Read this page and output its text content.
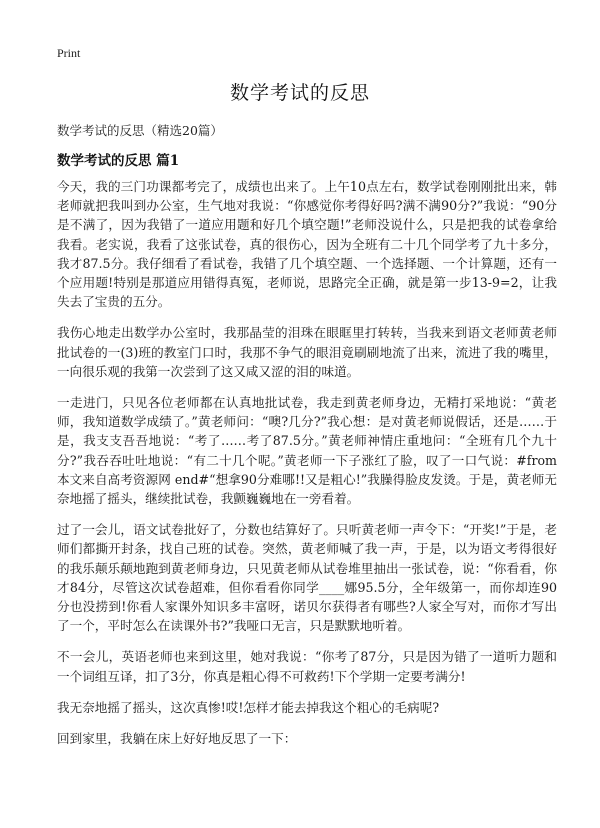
Print
数学考试的反思
数学考试的反思（精选20篇）
数学考试的反思 篇1

今天，我的三门功课都考完了，成绩也出来了。上午10点左右，数学试卷刚刚批出来，韩老师就把我叫到办公室，生气地对我说：“你感觉你考得好吗?满不满90分?”我说：“90分是不满了，因为我错了一道应用题和好几个填空题!”老师没说什么，只是把我的试卷拿给我看。老实说，我看了这张试卷，真的很伤心，因为全班有二十几个同学考了九十多分，我才87.5分。我仔细看了看试卷，我错了几个填空题、一个选择题、一个计算题，还有一个应用题!特别是那道应用错得真冤，老师说，思路完全正确，就是第一步13-9=2，让我失去了宝贵的五分。

我伤心地走出数学办公室时，我那晶莹的泪珠在眼眶里打转转，当我来到语文老师黄老师批试卷的一(3)班的教室门口时，我那不争气的眼泪竟刷刷地流了出来，流进了我的嘴里，一向很乐观的我第一次尝到了这又咸又涩的泪的味道。

一走进门，只见各位老师都在认真地批试卷，我走到黄老师身边，无精打采地说：“黄老师，我知道数学成绩了。”黄老师问：“噢?几分?”我心想：是对黄老师说假话，还是……于是，我支支吾吾地说：“考了……考了87.5分。”黄老师神情庄重地问：“全班有几个九十分?”我吞吞吐吐地说：“有二十几个呢。”黄老师一下子涨红了脸，叹了一口气说：#from 本文来自高考资源网 end#“想拿90分难哪!!又是粗心!”我臊得脸皮发烫。于是，黄老师无奈地摇了摇头，继续批试卷，我颤巍巍地在一旁看着。

过了一会儿，语文试卷批好了，分数也结算好了。只听黄老师一声令下：“开奖!”于是，老师们都撕开封条，找自己班的试卷。突然，黄老师喊了我一声，于是，以为语文考得很好的我乐颠乐颠地跑到黄老师身边，只见黄老师从试卷堆里抽出一张试卷，说：“你看看，你才84分，尽管这次试卷超难，但你看看你同学____娜95.5分，全年级第一，而你却连90分也没捞到!你看人家课外知识多丰富呀，诺贝尔获得者有哪些?人家全写对，而你才写出了一个，平时怎么在读课外书?”我哑口无言，只是默默地听着。

不一会儿，英语老师也来到这里，她对我说：“你考了87分，只是因为错了一道听力题和一个词组互译，扣了3分，你真是粗心得不可救药!下个学期一定要考满分!

我无奈地摇了摇头，这次真惨!哎!怎样才能去掉我这个粗心的毛病呢?

回到家里，我躺在床上好好地反思了一下：
